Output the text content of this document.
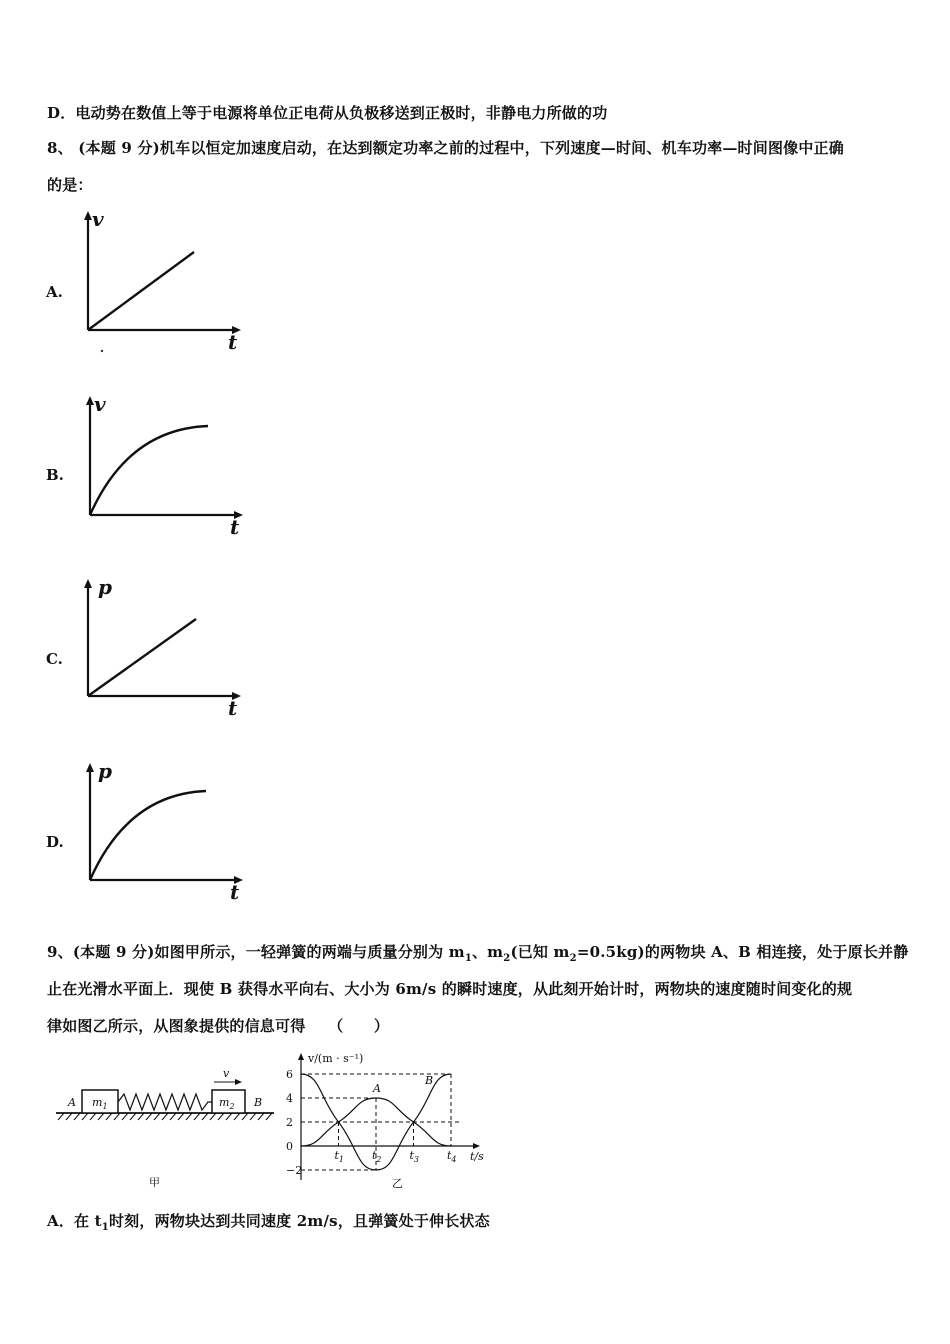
D．电动势在数值上等于电源将单位正电荷从负极移送到正极时，非静电力所做的功
8、 (本题 9 分)机车以恒定加速度启动，在达到额定功率之前的过程中，下列速度—时间、机车功率—时间图像中正确
的是：
A.
v
t
B.
v
t
C.
p
t
D.
p
t
9、(本题 9 分)如图甲所示，一轻弹簧的两端与质量分别为 $m_1$、$m_2$(已知 $m_2=0.5kg$)的两物块 A、B 相连接，处于原长并静
止在光滑水平面上．现使 B 获得水平向右、大小为 6m/s 的瞬时速度，从此刻开始计时，两物块的速度随时间变化的规
律如图乙所示，从图象提供的信息可得　　（　　）
$m_1$	$m_2$
A	B
v
甲
v/(m · s⁻¹)
t/s
6
4
2
0
−2
$t_1$	$t_2$	$t_3$	$t_4$
A
B
乙
A．在 $t_1$时刻，两物块达到共同速度 2m/s，且弹簧处于伸长状态
